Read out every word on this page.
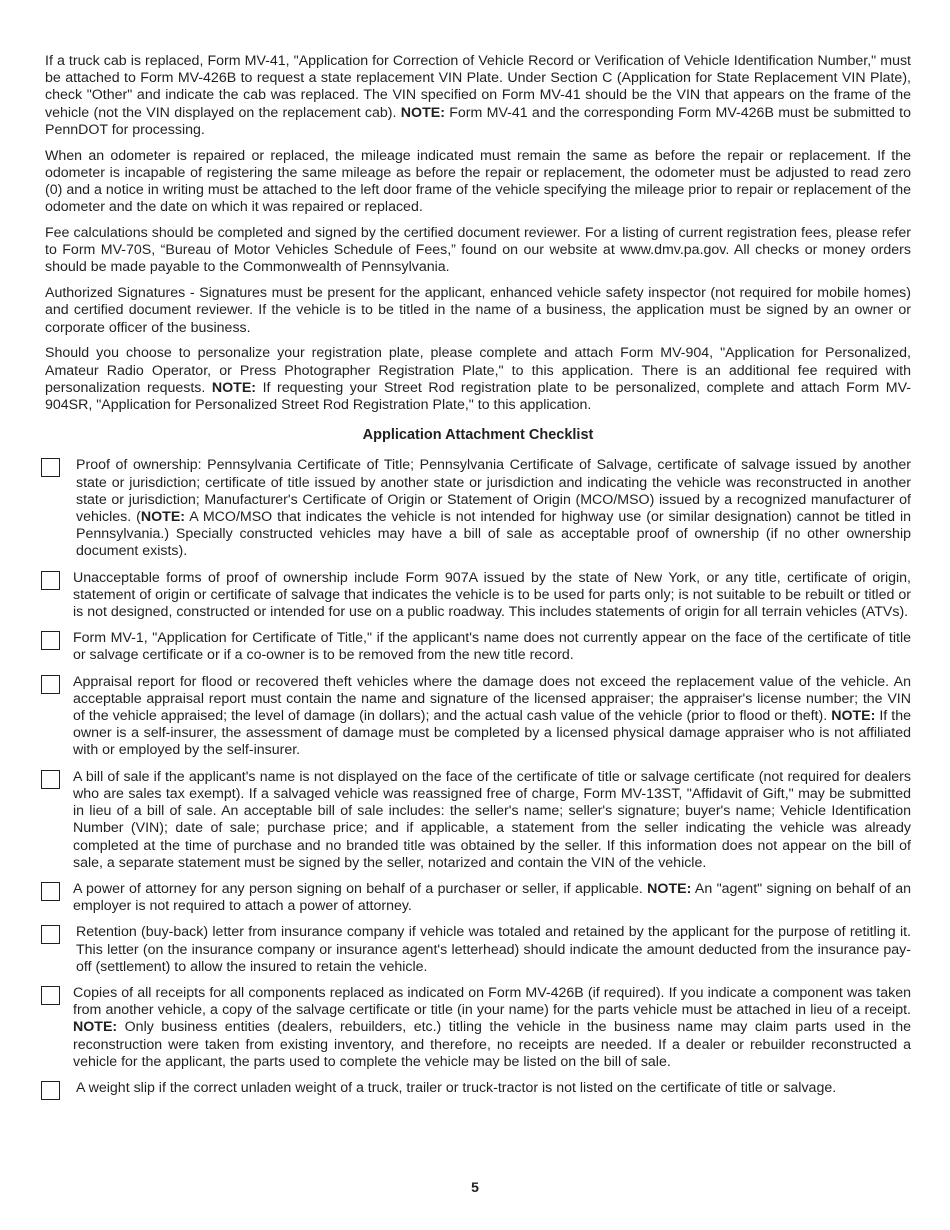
If a truck cab is replaced, Form MV-41, "Application for Correction of Vehicle Record or Verification of Vehicle Identification Number," must be attached to Form MV-426B to request a state replacement VIN Plate. Under Section C (Application for State Replacement VIN Plate), check "Other" and indicate the cab was replaced. The VIN specified on Form MV-41 should be the VIN that appears on the frame of the vehicle (not the VIN displayed on the replacement cab). NOTE: Form MV-41 and the corresponding Form MV-426B must be submitted to PennDOT for processing.

When an odometer is repaired or replaced, the mileage indicated must remain the same as before the repair or replacement. If the odometer is incapable of registering the same mileage as before the repair or replacement, the odometer must be adjusted to read zero (0) and a notice in writing must be attached to the left door frame of the vehicle specifying the mileage prior to repair or replacement of the odometer and the date on which it was repaired or replaced.

Fee calculations should be completed and signed by the certified document reviewer. For a listing of current registration fees, please refer to Form MV-70S, “Bureau of Motor Vehicles Schedule of Fees,” found on our website at www.dmv.pa.gov. All checks or money orders should be made payable to the Commonwealth of Pennsylvania.

Authorized Signatures - Signatures must be present for the applicant, enhanced vehicle safety inspector (not required for mobile homes) and certified document reviewer. If the vehicle is to be titled in the name of a business, the application must be signed by an owner or corporate officer of the business.

Should you choose to personalize your registration plate, please complete and attach Form MV-904, "Application for Personalized, Amateur Radio Operator, or Press Photographer Registration Plate," to this application. There is an additional fee required with personalization requests. NOTE: If requesting your Street Rod registration plate to be personalized, complete and attach Form MV-904SR, "Application for Personalized Street Rod Registration Plate," to this application.

Application Attachment Checklist
Proof of ownership: Pennsylvania Certificate of Title; Pennsylvania Certificate of Salvage, certificate of salvage issued by another state or jurisdiction; certificate of title issued by another state or jurisdiction and indicating the vehicle was reconstructed in another state or jurisdiction; Manufacturer's Certificate of Origin or Statement of Origin (MCO/MSO) issued by a recognized manufacturer of vehicles. (NOTE: A MCO/MSO that indicates the vehicle is not intended for highway use (or similar designation) cannot be titled in Pennsylvania.) Specially constructed vehicles may have a bill of sale as acceptable proof of ownership (if no other ownership document exists).
Unacceptable forms of proof of ownership include Form 907A issued by the state of New York, or any title, certificate of origin, statement of origin or certificate of salvage that indicates the vehicle is to be used for parts only; is not suitable to be rebuilt or titled or is not designed, constructed or intended for use on a public roadway. This includes statements of origin for all terrain vehicles (ATVs).
Form MV-1, "Application for Certificate of Title," if the applicant's name does not currently appear on the face of the certificate of title or salvage certificate or if a co-owner is to be removed from the new title record.
Appraisal report for flood or recovered theft vehicles where the damage does not exceed the replacement value of the vehicle. An acceptable appraisal report must contain the name and signature of the licensed appraiser; the appraiser's license number; the VIN of the vehicle appraised; the level of damage (in dollars); and the actual cash value of the vehicle (prior to flood or theft). NOTE: If the owner is a self-insurer, the assessment of damage must be completed by a licensed physical damage appraiser who is not affiliated with or employed by the self-insurer.
A bill of sale if the applicant's name is not displayed on the face of the certificate of title or salvage certificate (not required for dealers who are sales tax exempt). If a salvaged vehicle was reassigned free of charge, Form MV-13ST, "Affidavit of Gift," may be submitted in lieu of a bill of sale. An acceptable bill of sale includes: the seller's name; seller's signature; buyer's name; Vehicle Identification Number (VIN); date of sale; purchase price; and if applicable, a statement from the seller indicating the vehicle was already completed at the time of purchase and no branded title was obtained by the seller. If this information does not appear on the bill of sale, a separate statement must be signed by the seller, notarized and contain the VIN of the vehicle.
A power of attorney for any person signing on behalf of a purchaser or seller, if applicable. NOTE: An "agent" signing on behalf of an employer is not required to attach a power of attorney.
Retention (buy-back) letter from insurance company if vehicle was totaled and retained by the applicant for the purpose of retitling it. This letter (on the insurance company or insurance agent's letterhead) should indicate the amount deducted from the insurance pay-off (settlement) to allow the insured to retain the vehicle.
Copies of all receipts for all components replaced as indicated on Form MV-426B (if required). If you indicate a component was taken from another vehicle, a copy of the salvage certificate or title (in your name) for the parts vehicle must be attached in lieu of a receipt. NOTE: Only business entities (dealers, rebuilders, etc.) titling the vehicle in the business name may claim parts used in the reconstruction were taken from existing inventory, and therefore, no receipts are needed. If a dealer or rebuilder reconstructed a vehicle for the applicant, the parts used to complete the vehicle may be listed on the bill of sale.
A weight slip if the correct unladen weight of a truck, trailer or truck-tractor is not listed on the certificate of title or salvage.
5
